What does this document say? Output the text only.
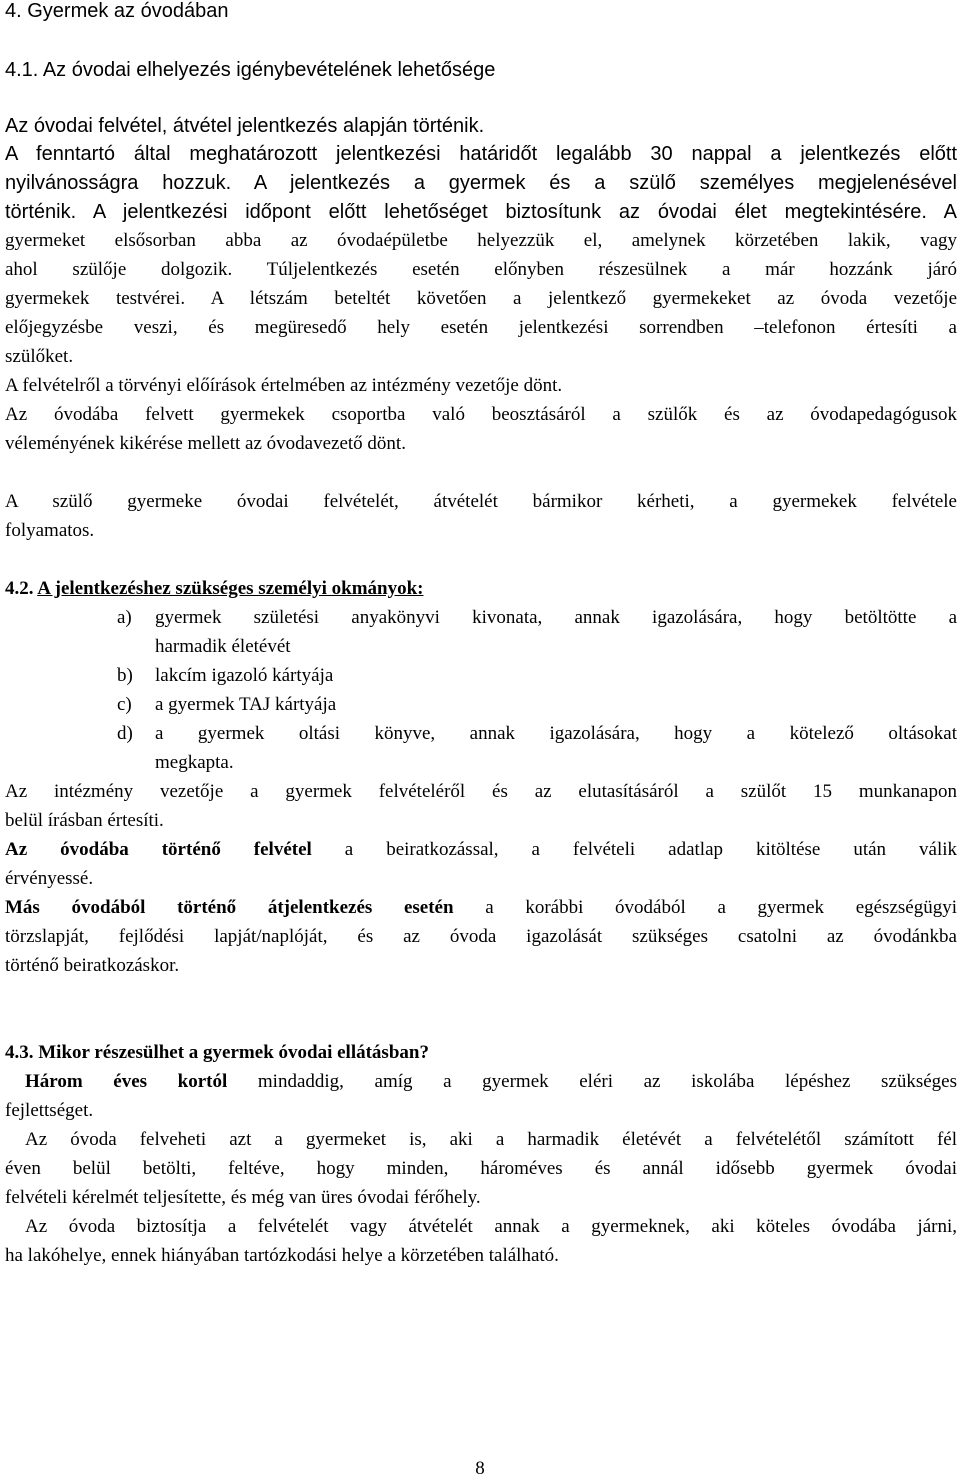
4. Gyermek az óvodában
4.1. Az óvodai elhelyezés igénybevételének lehetősége
Az óvodai felvétel, átvétel jelentkezés alapján történik.
A fenntartó által meghatározott jelentkezési határidőt legalább 30 nappal a jelentkezés előtt
nyilvánosságra hozzuk. A jelentkezés a gyermek és a szülő személyes megjelenésével
történik. A jelentkezési időpont előtt lehetőséget biztosítunk az óvodai élet megtekintésére. A
gyermeket elsősorban abba az óvodaépületbe helyezzük el, amelynek körzetében lakik, vagy
ahol szülője dolgozik. Túljelentkezés esetén előnyben részesülnek a már hozzánk járó
gyermekek testvérei. A létszám beteltét követően a jelentkező gyermekeket az óvoda vezetője
előjegyzésbe veszi, és megüresedő hely esetén jelentkezési sorrendben –telefonon értesíti a
szülőket.
A felvételről a törvényi előírások értelmében az intézmény vezetője dönt.
Az óvodába felvett gyermekek csoportba való beosztásáról a szülők és az óvodapedagógusok
véleményének kikérése mellett az óvodavezető dönt.
A szülő gyermeke óvodai felvételét, átvételét bármikor kérheti, a gyermekek felvétele
folyamatos.
4.2. A jelentkezéshez szükséges személyi okmányok:
a) gyermek születési anyakönyvi kivonata, annak igazolására, hogy betöltötte a
harmadik életévét
b) lakcím igazoló kártyája
c) a gyermek TAJ kártyája
d) a gyermek oltási könyve, annak igazolására, hogy a kötelező oltásokat
megkapta.
Az intézmény vezetője a gyermek felvételéről és az elutasításáról a szülőt 15 munkanapon
belül írásban értesíti.
Az óvodába történő felvétel a beiratkozással, a felvételi adatlap kitöltése után válik
érvényessé.
Más óvodából történő átjelentkezés esetén a korábbi óvodából a gyermek egészségügyi
törzslapját, fejlődési lapját/naplóját, és az óvoda igazolását szükséges csatolni az óvodánkba
történő beiratkozáskor.
4.3. Mikor részesülhet a gyermek óvodai ellátásban?
Három éves kortól mindaddig, amíg a gyermek eléri az iskolába lépéshez szükséges
fejlettséget.
Az óvoda felveheti azt a gyermeket is, aki a harmadik életévét a felvételétől számított fél
éven belül betölti, feltéve, hogy minden, hároméves és annál idősebb gyermek óvodai
felvételi kérelmét teljesítette, és még van üres óvodai férőhely.
Az óvoda biztosítja a felvételét vagy átvételét annak a gyermeknek, aki köteles óvodába járni,
ha lakóhelye, ennek hiányában tartózkodási helye a körzetében található.
8
